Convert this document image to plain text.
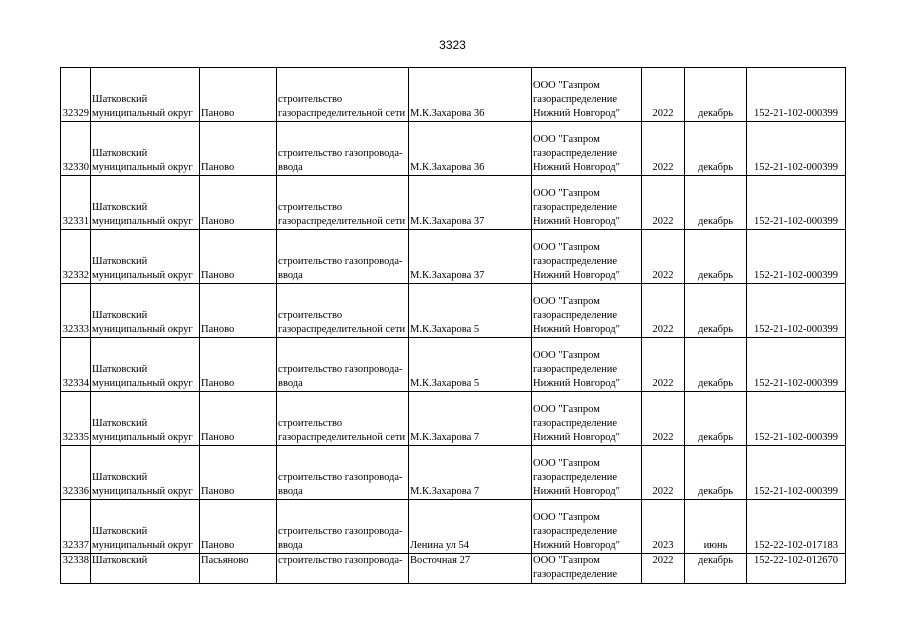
3323
32329	Шатковский
муниципальный округ	Паново	строительство
газораспределительной сети	М.К.Захарова 36	ООО "Газпром
газораспределение
Нижний Новгород"	2022	декабрь	152-21-102-000399
32330	Шатковский
муниципальный округ	Паново	строительство газопровода-
ввода	М.К.Захарова 36	ООО "Газпром
газораспределение
Нижний Новгород"	2022	декабрь	152-21-102-000399
32331	Шатковский
муниципальный округ	Паново	строительство
газораспределительной сети	М.К.Захарова 37	ООО "Газпром
газораспределение
Нижний Новгород"	2022	декабрь	152-21-102-000399
32332	Шатковский
муниципальный округ	Паново	строительство газопровода-
ввода	М.К.Захарова 37	ООО "Газпром
газораспределение
Нижний Новгород"	2022	декабрь	152-21-102-000399
32333	Шатковский
муниципальный округ	Паново	строительство
газораспределительной сети	М.К.Захарова 5	ООО "Газпром
газораспределение
Нижний Новгород"	2022	декабрь	152-21-102-000399
32334	Шатковский
муниципальный округ	Паново	строительство газопровода-
ввода	М.К.Захарова 5	ООО "Газпром
газораспределение
Нижний Новгород"	2022	декабрь	152-21-102-000399
32335	Шатковский
муниципальный округ	Паново	строительство
газораспределительной сети	М.К.Захарова 7	ООО "Газпром
газораспределение
Нижний Новгород"	2022	декабрь	152-21-102-000399
32336	Шатковский
муниципальный округ	Паново	строительство газопровода-
ввода	М.К.Захарова 7	ООО "Газпром
газораспределение
Нижний Новгород"	2022	декабрь	152-21-102-000399
32337	Шатковский
муниципальный округ	Паново	строительство газопровода-
ввода	Ленина ул 54	ООО "Газпром
газораспределение
Нижний Новгород"	2023	июнь	152-22-102-017183
32338	Шатковский	Пасьяново	строительство газопровода-	Восточная 27	ООО "Газпром
газораспределение	2022	декабрь	152-22-102-012670
